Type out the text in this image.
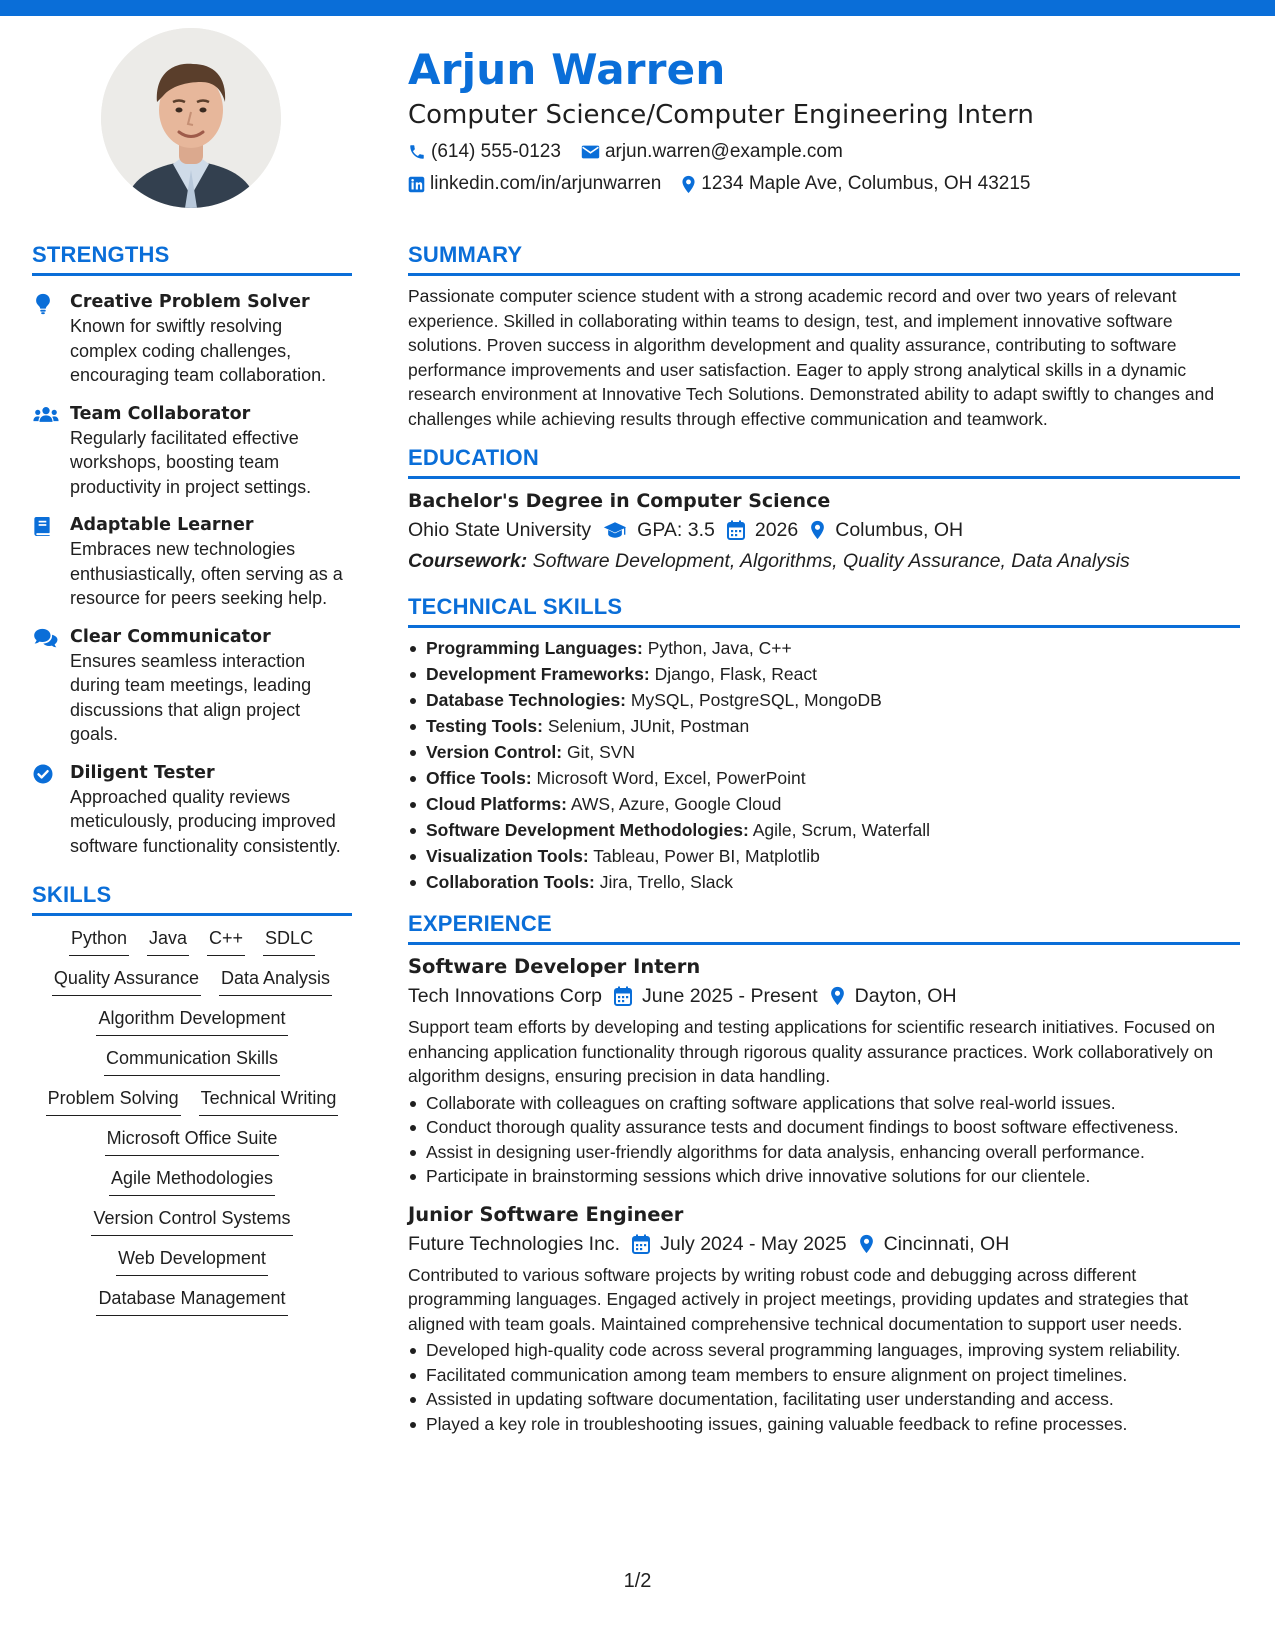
Arjun Warren
Computer Science/Computer Engineering Intern
(614) 555-0123 arjun.warren@example.com
linkedin.com/in/arjunwarren 1234 Maple Ave, Columbus, OH 43215
STRENGTHS
Creative Problem Solver
Known for swiftly resolving complex coding challenges, encouraging team collaboration.
Team Collaborator
Regularly facilitated effective workshops, boosting team productivity in project settings.
Adaptable Learner
Embraces new technologies enthusiastically, often serving as a resource for peers seeking help.
Clear Communicator
Ensures seamless interaction during team meetings, leading discussions that align project goals.
Diligent Tester
Approached quality reviews meticulously, producing improved software functionality consistently.
SKILLS
Python Java C++ SDLC
Quality Assurance Data Analysis
Algorithm Development
Communication Skills
Problem Solving Technical Writing
Microsoft Office Suite
Agile Methodologies
Version Control Systems
Web Development
Database Management
SUMMARY
Passionate computer science student with a strong academic record and over two years of relevant experience. Skilled in collaborating within teams to design, test, and implement innovative software solutions. Proven success in algorithm development and quality assurance, contributing to software performance improvements and user satisfaction. Eager to apply strong analytical skills in a dynamic research environment at Innovative Tech Solutions. Demonstrated ability to adapt swiftly to changes and challenges while achieving results through effective communication and teamwork.
EDUCATION
Bachelor's Degree in Computer Science
Ohio State University GPA: 3.5 2026 Columbus, OH
Coursework: Software Development, Algorithms, Quality Assurance, Data Analysis
TECHNICAL SKILLS
Programming Languages: Python, Java, C++
Development Frameworks: Django, Flask, React
Database Technologies: MySQL, PostgreSQL, MongoDB
Testing Tools: Selenium, JUnit, Postman
Version Control: Git, SVN
Office Tools: Microsoft Word, Excel, PowerPoint
Cloud Platforms: AWS, Azure, Google Cloud
Software Development Methodologies: Agile, Scrum, Waterfall
Visualization Tools: Tableau, Power BI, Matplotlib
Collaboration Tools: Jira, Trello, Slack
EXPERIENCE
Software Developer Intern
Tech Innovations Corp June 2025 - Present Dayton, OH
Support team efforts by developing and testing applications for scientific research initiatives. Focused on enhancing application functionality through rigorous quality assurance practices. Work collaboratively on algorithm designs, ensuring precision in data handling.
Collaborate with colleagues on crafting software applications that solve real-world issues.
Conduct thorough quality assurance tests and document findings to boost software effectiveness.
Assist in designing user-friendly algorithms for data analysis, enhancing overall performance.
Participate in brainstorming sessions which drive innovative solutions for our clientele.
Junior Software Engineer
Future Technologies Inc. July 2024 - May 2025 Cincinnati, OH
Contributed to various software projects by writing robust code and debugging across different programming languages. Engaged actively in project meetings, providing updates and strategies that aligned with team goals. Maintained comprehensive technical documentation to support user needs.
Developed high-quality code across several programming languages, improving system reliability.
Facilitated communication among team members to ensure alignment on project timelines.
Assisted in updating software documentation, facilitating user understanding and access.
Played a key role in troubleshooting issues, gaining valuable feedback to refine processes.
1/2
